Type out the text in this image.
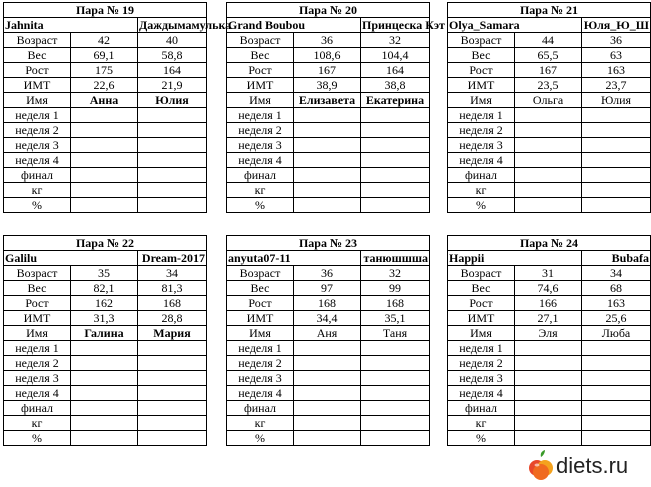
Пара № 19		
Jahnita		Даждымамулька
Возраст	42	40
Вес	69,1	58,8
Рост	175	164
ИМТ	22,6	21,9
Имя	Анна	Юлия
неделя 1		
неделя 2		
неделя 3		
неделя 4		
финал		
кг		
%		
Пара № 20		
Grand Boubou		Принцеска Кэт
Возраст	36	32
Вес	108,6	104,4
Рост	167	164
ИМТ	38,9	38,8
Имя	Елизавета	Екатерина
неделя 1		
неделя 2		
неделя 3		
неделя 4		
финал		
кг		
%		
Пара № 21		
Olya_Samara		Юля_Ю_Ш
Возраст	44	36
Вес	65,5	63
Рост	167	163
ИМТ	23,5	23,7
Имя	Ольга	Юлия
неделя 1		
неделя 2		
неделя 3		
неделя 4		
финал		
кг		
%		
Пара № 22		
Galilu		Dream-2017
Возраст	35	34
Вес	82,1	81,3
Рост	162	168
ИМТ	31,3	28,8
Имя	Галина	Мария
неделя 1		
неделя 2		
неделя 3		
неделя 4		
финал		
кг		
%		
Пара № 23		
anyuta07-11		танюшшша
Возраст	36	32
Вес	97	99
Рост	168	168
ИМТ	34,4	35,1
Имя	Аня	Таня
неделя 1		
неделя 2		
неделя 3		
неделя 4		
финал		
кг		
%		
Пара № 24		
Happii		Bubafa
Возраст	31	34
Вес	74,6	68
Рост	166	163
ИМТ	27,1	25,6
Имя	Эля	Люба
неделя 1		
неделя 2		
неделя 3		
неделя 4		
финал		
кг		
%		
diets.ru
